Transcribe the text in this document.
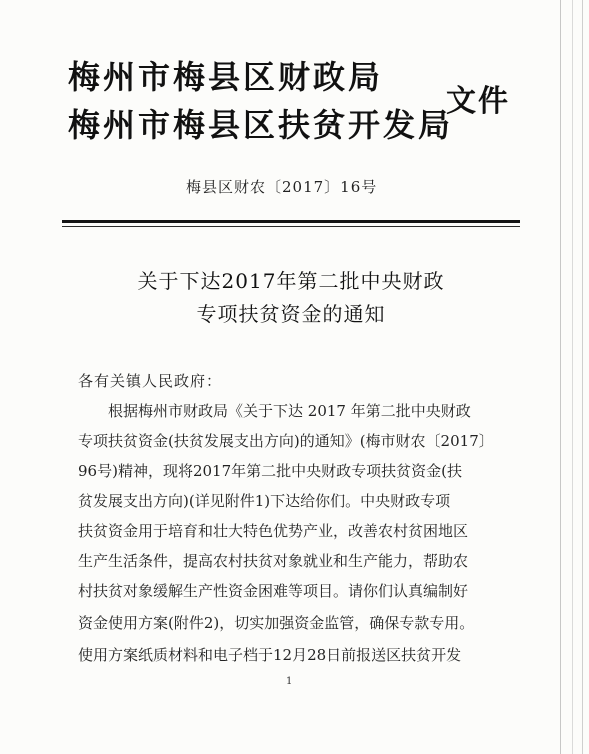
梅州市梅县区财政局
梅州市梅县区扶贫开发局
文件
梅县区财农〔2017〕16号
关于下达2017年第二批中央财政
专项扶贫资金的通知
各有关镇人民政府：
根据梅州市财政局《关于下达 2017 年第二批中央财政
专项扶贫资金(扶贫发展支出方向)的通知》(梅市财农〔2017〕
96号)精神，现将2017年第二批中央财政专项扶贫资金(扶
贫发展支出方向)(详见附件1)下达给你们。中央财政专项
扶贫资金用于培育和壮大特色优势产业，改善农村贫困地区
生产生活条件，提高农村扶贫对象就业和生产能力，帮助农
村扶贫对象缓解生产性资金困难等项目。请你们认真编制好
资金使用方案(附件2)，切实加强资金监管，确保专款专用。
使用方案纸质材料和电子档于12月28日前报送区扶贫开发
1
